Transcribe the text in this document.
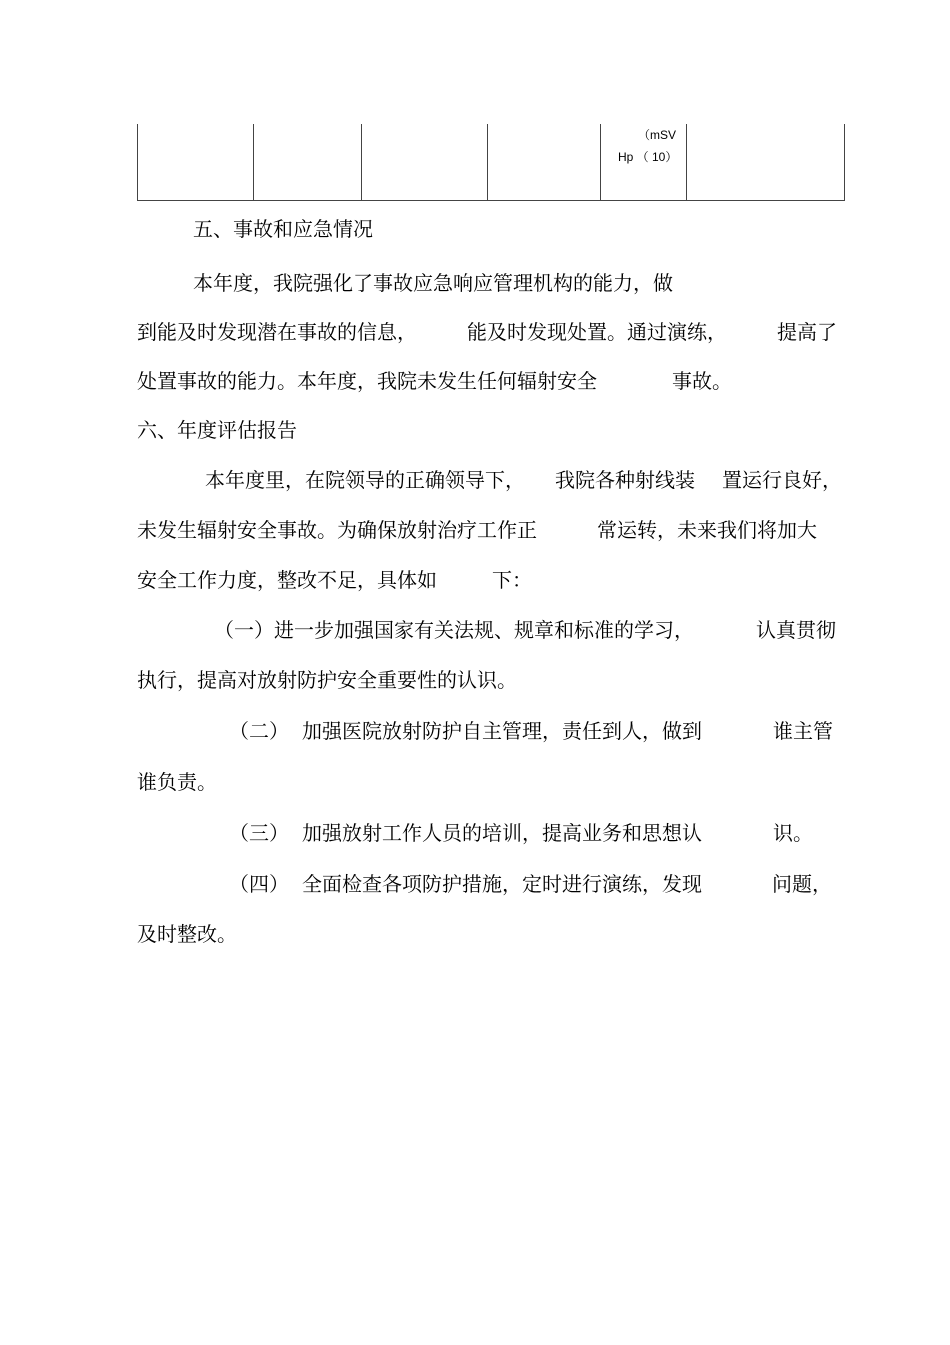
（mSV
Hp （ 10）
五、事故和应急情况
本年度，我院强化了事故应急响应管理机构的能力，做
到能及时发现潜在事故的信息，	能及时发现处置。通过演练，	提高了
处置事故的能力。本年度，我院未发生任何辐射安全	事故。
六、年度评估报告
本年度里，在院领导的正确领导下， 我院各种射线装 置运行良好，
未发生辐射安全事故。为确保放射治疗工作正	常运转，未来我们将加大
安全工作力度，整改不足，具体如	下：
（一）进一步加强国家有关法规、规章和标准的学习，	认真贯彻
执行，提高对放射防护安全重要性的认识。
（二） 加强医院放射防护自主管理，责任到人，做到	谁主管
谁负责。
（三） 加强放射工作人员的培训，提高业务和思想认	识。
（四） 全面检查各项防护措施，定时进行演练，发现	问题，
及时整改。
